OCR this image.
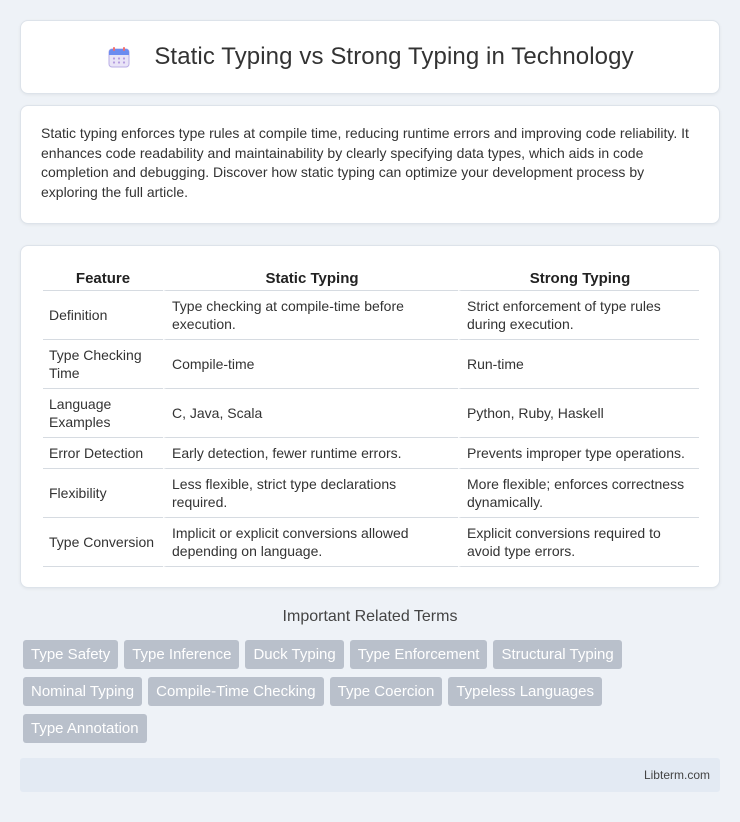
Static Typing vs Strong Typing in Technology

Static typing enforces type rules at compile time, reducing runtime errors and improving code reliability. It enhances code readability and maintainability by clearly specifying data types, which aids in code completion and debugging. Discover how static typing can optimize your development process by exploring the full article.

Feature	Static Typing	Strong Typing
Definition	Type checking at compile-time before execution.	Strict enforcement of type rules during execution.
Type Checking Time	Compile-time	Run-time
Language Examples	C, Java, Scala	Python, Ruby, Haskell
Error Detection	Early detection, fewer runtime errors.	Prevents improper type operations.
Flexibility	Less flexible, strict type declarations required.	More flexible; enforces correctness dynamically.
Type Conversion	Implicit or explicit conversions allowed depending on language.	Explicit conversions required to avoid type errors.
Important Related Terms
Type Safety	Type Inference	Duck Typing	Type Enforcement	Structural Typing
Nominal Typing	Compile-Time Checking	Type Coercion	Typeless Languages
Type Annotation
Libterm.com
